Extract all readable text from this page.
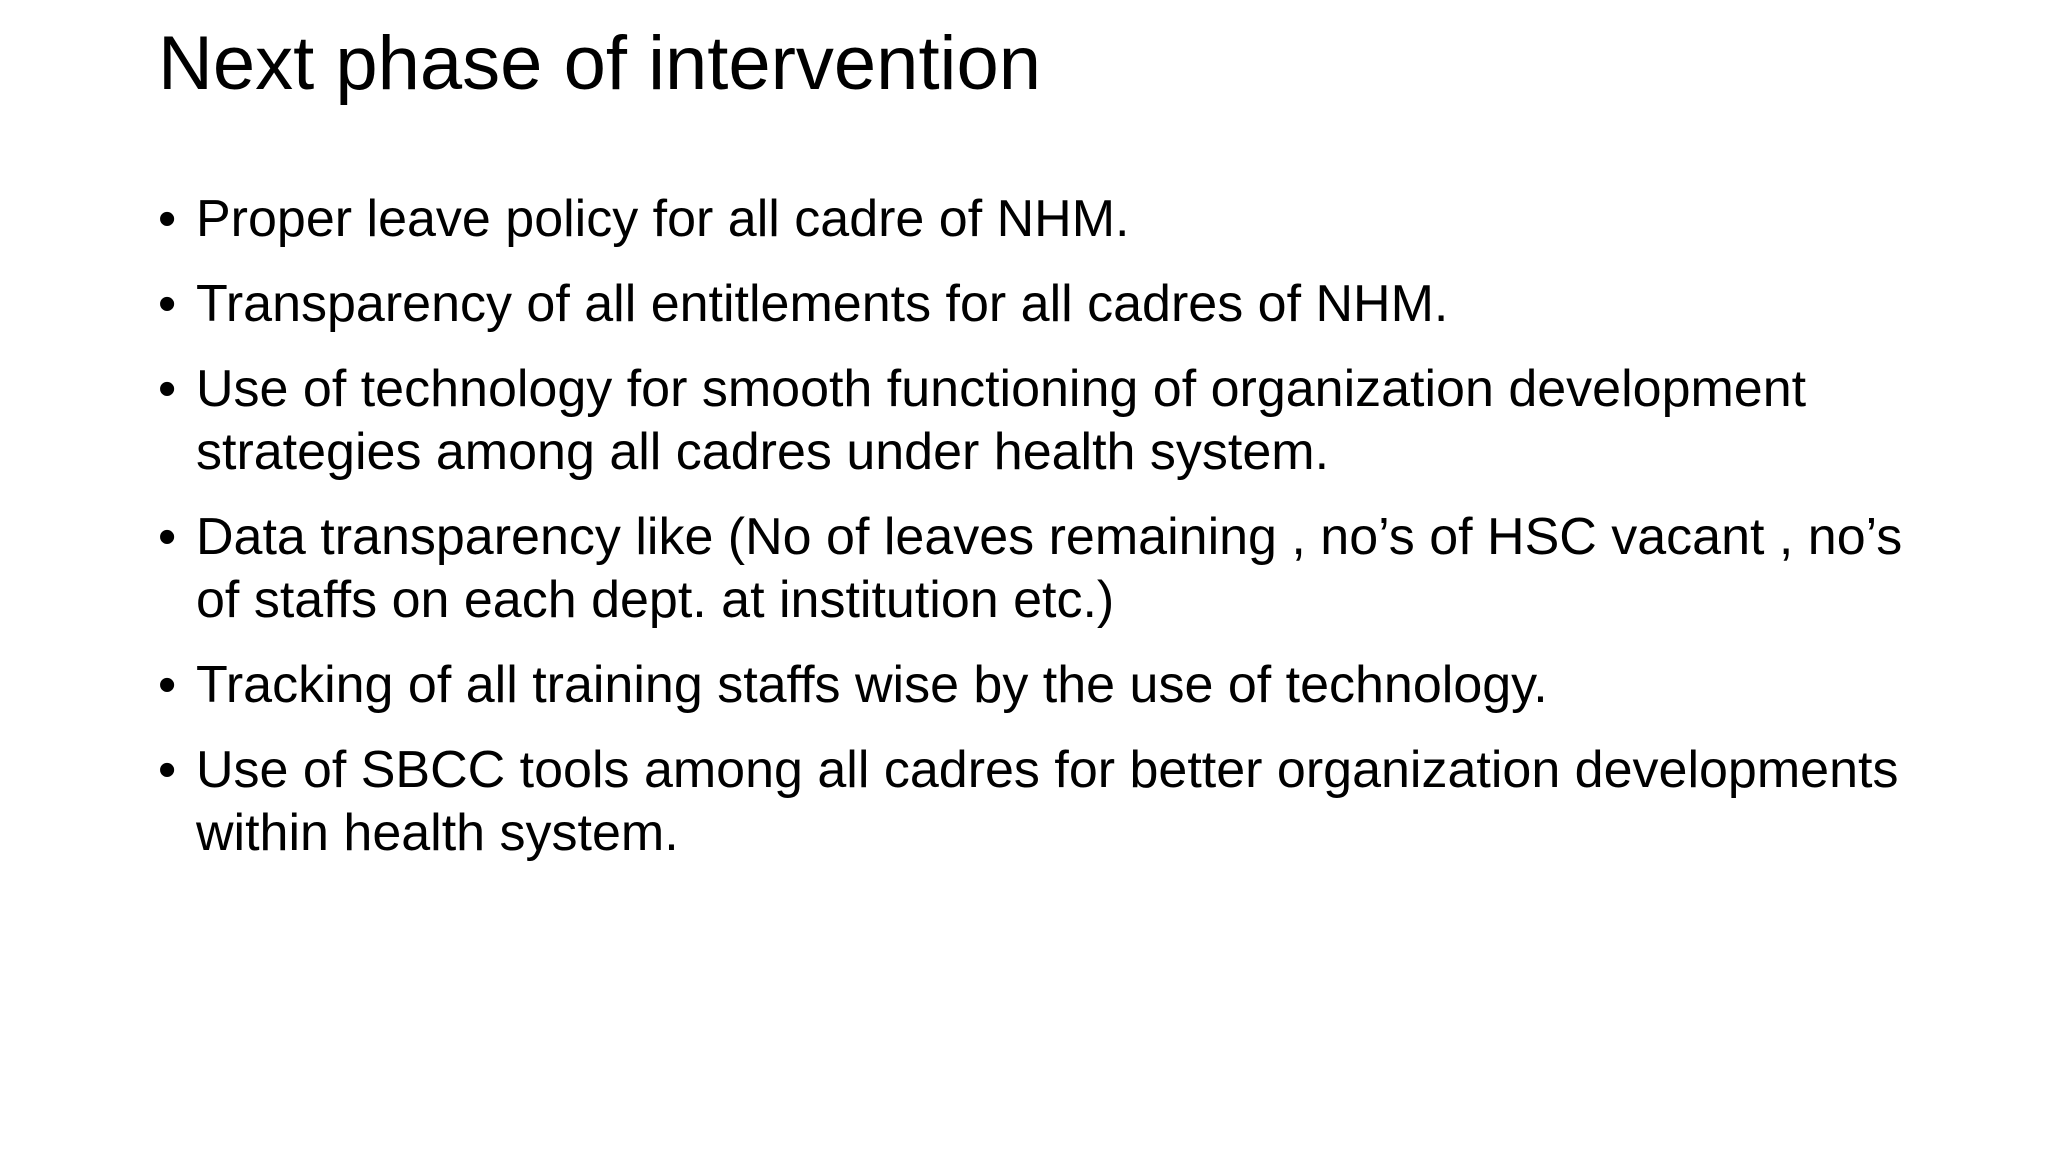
Next phase of intervention
• Proper leave policy for all cadre of NHM.
• Transparency of all entitlements for all cadres of NHM.
• Use of technology for smooth functioning of organization development strategies among all cadres under health system.
• Data transparency like (No of leaves remaining , no’s of HSC vacant , no’s of staffs on each dept. at institution etc.)
• Tracking of all training staffs wise by the use of technology.
• Use of SBCC tools among all cadres for better organization developments within health system.
